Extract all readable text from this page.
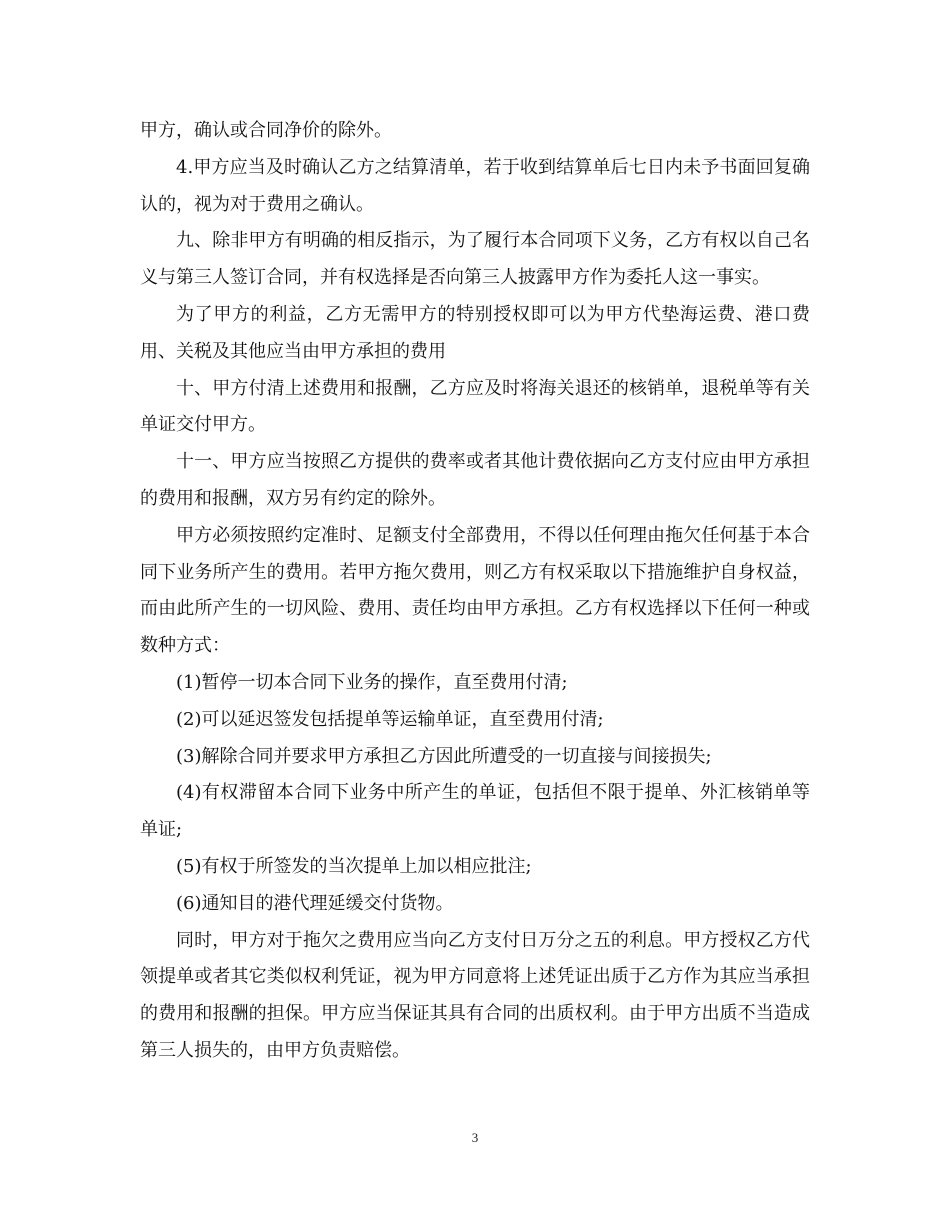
甲方，确认或合同净价的除外。

4.甲方应当及时确认乙方之结算清单，若于收到结算单后七日内未予书面回复确认的，视为对于费用之确认。

九、除非甲方有明确的相反指示，为了履行本合同项下义务，乙方有权以自己名义与第三人签订合同，并有权选择是否向第三人披露甲方作为委托人这一事实。

为了甲方的利益，乙方无需甲方的特别授权即可以为甲方代垫海运费、港口费用、关税及其他应当由甲方承担的费用

十、甲方付清上述费用和报酬，乙方应及时将海关退还的核销单，退税单等有关单证交付甲方。

十一、甲方应当按照乙方提供的费率或者其他计费依据向乙方支付应由甲方承担的费用和报酬，双方另有约定的除外。

甲方必须按照约定准时、足额支付全部费用，不得以任何理由拖欠任何基于本合同下业务所产生的费用。若甲方拖欠费用，则乙方有权采取以下措施维护自身权益，而由此所产生的一切风险、费用、责任均由甲方承担。乙方有权选择以下任何一种或数种方式：

(1)暂停一切本合同下业务的操作，直至费用付清;

(2)可以延迟签发包括提单等运输单证，直至费用付清;

(3)解除合同并要求甲方承担乙方因此所遭受的一切直接与间接损失;

(4)有权滞留本合同下业务中所产生的单证，包括但不限于提单、外汇核销单等单证;

(5)有权于所签发的当次提单上加以相应批注;

(6)通知目的港代理延缓交付货物。

同时，甲方对于拖欠之费用应当向乙方支付日万分之五的利息。甲方授权乙方代领提单或者其它类似权利凭证，视为甲方同意将上述凭证出质于乙方作为其应当承担的费用和报酬的担保。甲方应当保证其具有合同的出质权利。由于甲方出质不当造成第三人损失的，由甲方负责赔偿。

3
